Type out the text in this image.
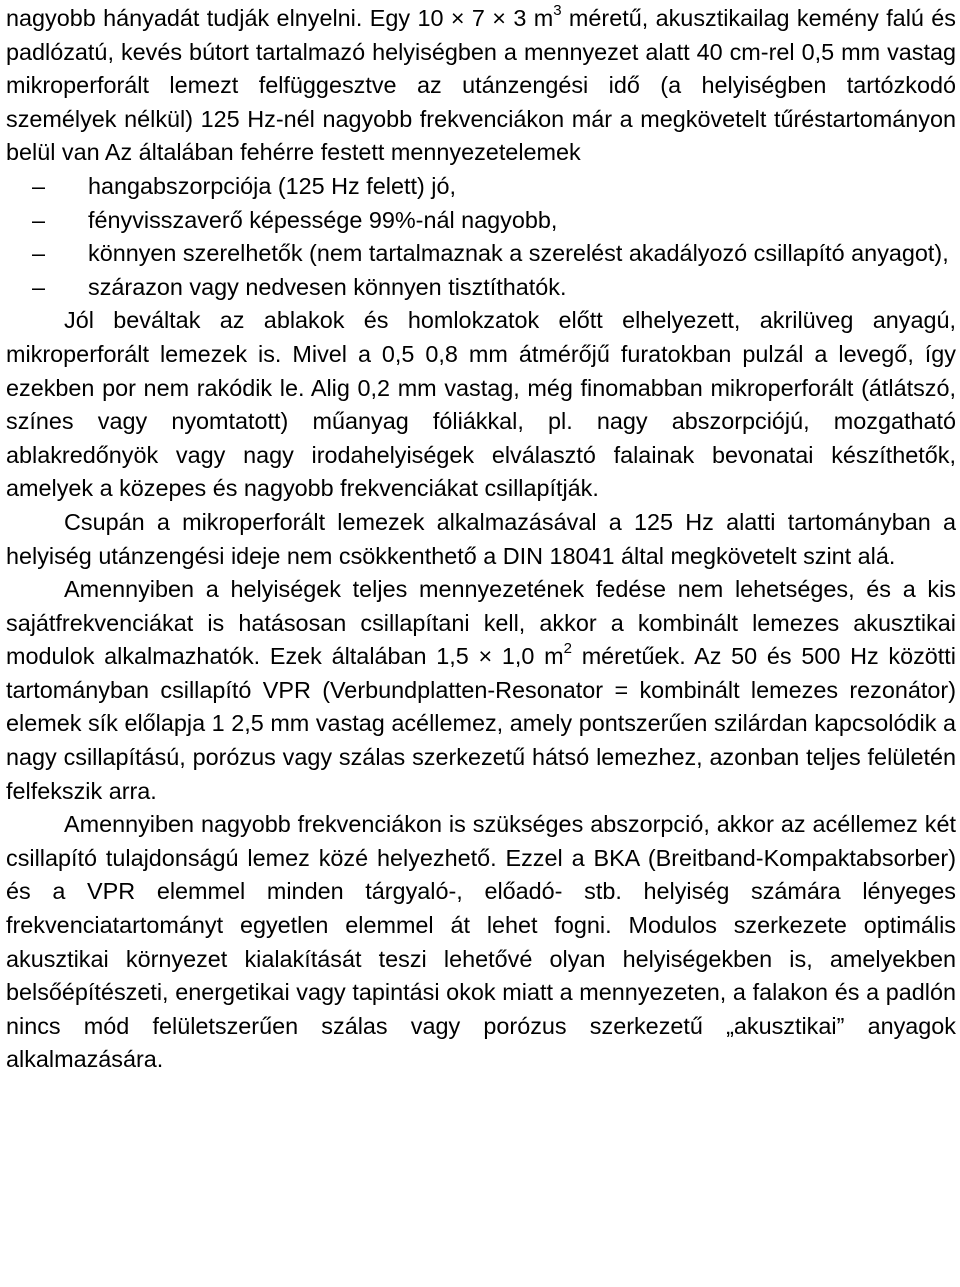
nagyobb hányadát tudják elnyelni. Egy 10 × 7 × 3 $m^3$ méretű, akusztikailag kemény falú és padlózatú, kevés bútort tartalmazó helyiségben a mennyezet alatt 40 cm-rel 0,5 mm vastag mikroperforált lemezt felfüggesztve az utánzengési idő (a helyiségben tartózkodó személyek nélkül) 125 Hz-nél nagyobb frekvenciákon már a megkövetelt tűréstartományon belül van Az általában fehérre festett mennyezetelemek

– hangabszorpciója (125 Hz felett) jó,
– fényvisszaverő képessége 99%-nál nagyobb,
– könnyen szerelhetők (nem tartalmaznak a szerelést akadályozó csillapító anyagot),
– szárazon vagy nedvesen könnyen tisztíthatók.

Jól beváltak az ablakok és homlokzatok előtt elhelyezett, akrilüveg anyagú, mikroperforált lemezek is. Mivel a 0,5 0,8 mm átmérőjű furatokban pulzál a levegő, így ezekben por nem rakódik le. Alig 0,2 mm vastag, még finomabban mikroperforált (átlátszó, színes vagy nyomtatott) műanyag fóliákkal, pl. nagy abszorpciójú, mozgatható ablakredőnyök vagy nagy irodahelyiségek elválasztó falainak bevonatai készíthetők, amelyek a közepes és nagyobb frekvenciákat csillapítják.

Csupán a mikroperforált lemezek alkalmazásával a 125 Hz alatti tartományban a helyiség utánzengési ideje nem csökkenthető a DIN 18041 által megkövetelt szint alá.

Amennyiben a helyiségek teljes mennyezetének fedése nem lehetséges, és a kis sajátfrekvenciákat is hatásosan csillapítani kell, akkor a kombinált lemezes akusztikai modulok alkalmazhatók. Ezek általában 1,5 × 1,0 $m^2$ méretűek. Az 50 és 500 Hz közötti tartományban csillapító VPR (Verbundplatten-Resonator = kombinált lemezes rezonátor) elemek sík előlapja 1 2,5 mm vastag acéllemez, amely pontszerűen szilárdan kapcsolódik a nagy csillapítású, porózus vagy szálas szerkezetű hátsó lemezhez, azonban teljes felületén felfekszik arra.

Amennyiben nagyobb frekvenciákon is szükséges abszorpció, akkor az acéllemez két csillapító tulajdonságú lemez közé helyezhető. Ezzel a BKA (Breitband-Kompaktabsorber) és a VPR elemmel minden tárgyaló-, előadó- stb. helyiség számára lényeges frekvenciatartományt egyetlen elemmel át lehet fogni. Modulos szerkezete optimális akusztikai környezet kialakítását teszi lehetővé olyan helyiségekben is, amelyekben belsőépítészeti, energetikai vagy tapintási okok miatt a mennyezeten, a falakon és a padlón nincs mód felületszerűen szálas vagy porózus szerkezetű „akusztikai” anyagok alkalmazására.
